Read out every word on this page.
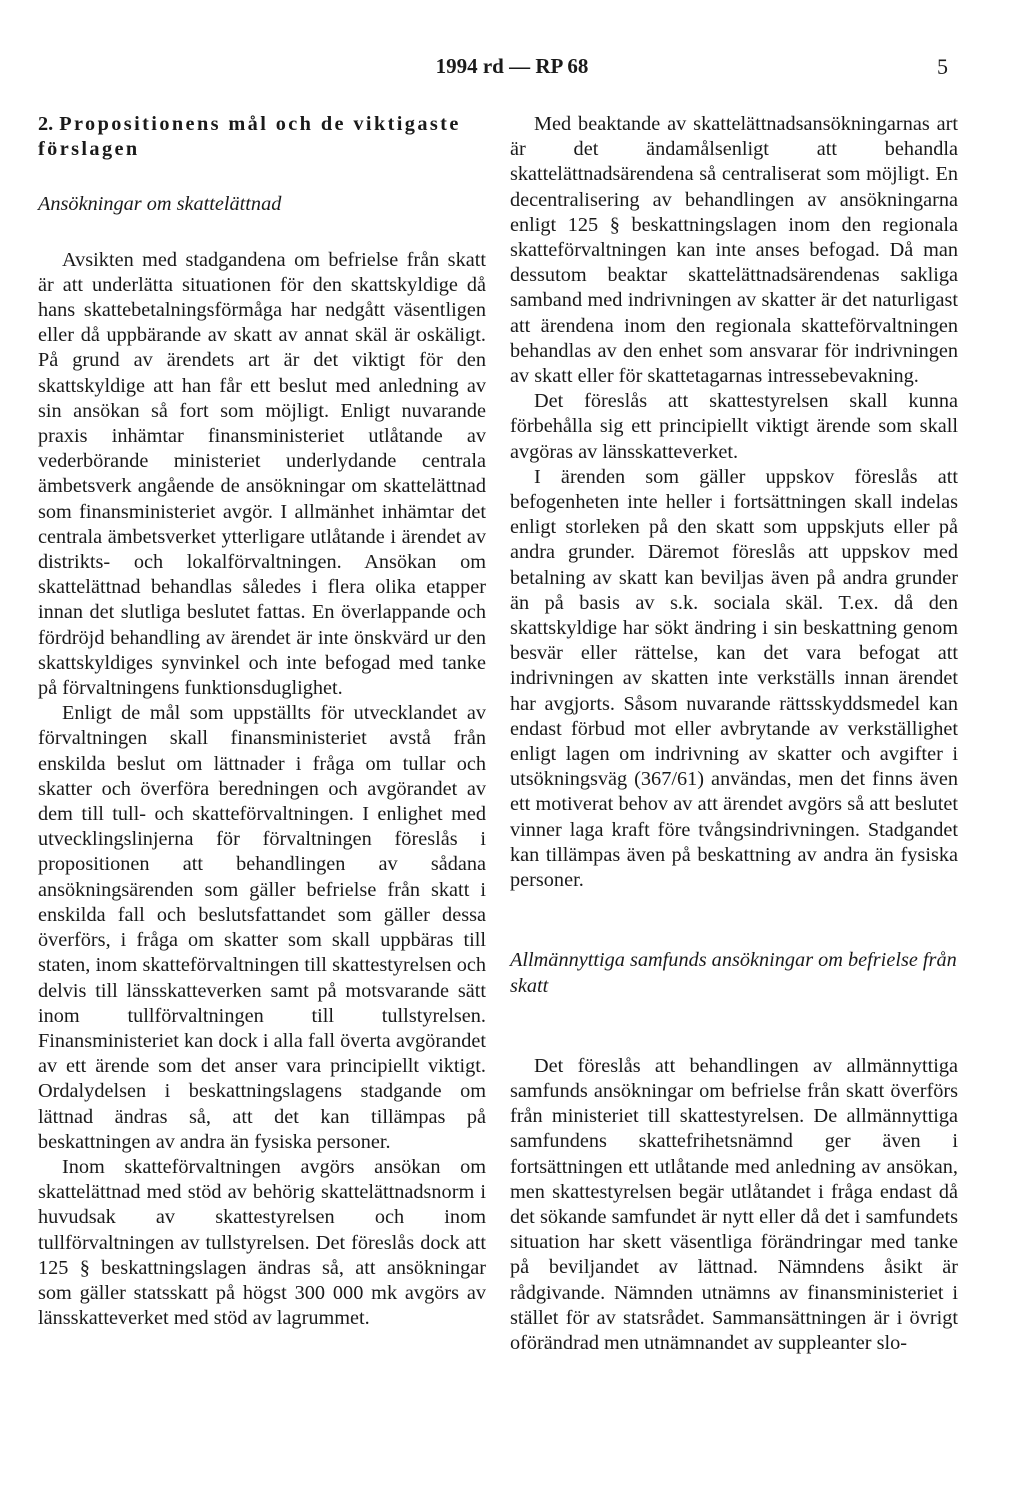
1994 rd — RP 68	5
2. Propositionens mål och de viktigaste förslagen
Ansökningar om skattelättnad

Avsikten med stadgandena om befrielse från skatt är att underlätta situationen för den skattskyldige då hans skattebetalningsförmåga har nedgått väsentligen eller då uppbärande av skatt av annat skäl är oskäligt. På grund av ärendets art är det viktigt för den skattskyldige att han får ett beslut med anledning av sin ansökan så fort som möjligt. Enligt nuvarande praxis inhämtar finansministeriet utlåtande av vederbörande ministeriet underlydande centrala ämbetsverk angående de ansökningar om skattelättnad som finansministeriet avgör. I allmänhet inhämtar det centrala ämbetsverket ytterligare utlåtande i ärendet av distrikts- och lokalförvaltningen. Ansökan om skattelättnad behandlas således i flera olika etapper innan det slutliga beslutet fattas. En överlappande och fördröjd behandling av ärendet är inte önskvärd ur den skattskyldiges synvinkel och inte befogad med tanke på förvaltningens funktionsduglighet.

Enligt de mål som uppställts för utvecklandet av förvaltningen skall finansministeriet avstå från enskilda beslut om lättnader i fråga om tullar och skatter och överföra beredningen och avgörandet av dem till tull- och skatteförvaltningen. I enlighet med utvecklingslinjerna för förvaltningen föreslås i propositionen att behandlingen av sådana ansökningsärenden som gäller befrielse från skatt i enskilda fall och beslutsfattandet som gäller dessa överförs, i fråga om skatter som skall uppbäras till staten, inom skatteförvaltningen till skattestyrelsen och delvis till länsskatteverken samt på motsvarande sätt inom tullförvaltningen till tullstyrelsen. Finansministeriet kan dock i alla fall överta avgörandet av ett ärende som det anser vara principiellt viktigt. Ordalydelsen i beskattningslagens stadgande om lättnad ändras så, att det kan tillämpas på beskattningen av andra än fysiska personer.

Inom skatteförvaltningen avgörs ansökan om skattelättnad med stöd av behörig skattelättnadsnorm i huvudsak av skattestyrelsen och inom tullförvaltningen av tullstyrelsen. Det föreslås dock att 125 § beskattningslagen ändras så, att ansökningar som gäller statsskatt på högst 300 000 mk avgörs av länsskatteverket med stöd av lagrummet.

Med beaktande av skattelättnadsansökningarnas art är det ändamålsenligt att behandla skattelättnadsärendena så centraliserat som möjligt. En decentralisering av behandlingen av ansökningarna enligt 125 § beskattningslagen inom den regionala skatteförvaltningen kan inte anses befogad. Då man dessutom beaktar skattelättnadsärendenas sakliga samband med indrivningen av skatter är det naturligast att ärendena inom den regionala skatteförvaltningen behandlas av den enhet som ansvarar för indrivningen av skatt eller för skattetagarnas intressebevakning.

Det föreslås att skattestyrelsen skall kunna förbehålla sig ett principiellt viktigt ärende som skall avgöras av länsskatteverket.

I ärenden som gäller uppskov föreslås att befogenheten inte heller i fortsättningen skall indelas enligt storleken på den skatt som uppskjuts eller på andra grunder. Däremot föreslås att uppskov med betalning av skatt kan beviljas även på andra grunder än på basis av s.k. sociala skäl. T.ex. då den skattskyldige har sökt ändring i sin beskattning genom besvär eller rättelse, kan det vara befogat att indrivningen av skatten inte verkställs innan ärendet har avgjorts. Såsom nuvarande rättsskyddsmedel kan endast förbud mot eller avbrytande av verkställighet enligt lagen om indrivning av skatter och avgifter i utsökningsväg (367/61) användas, men det finns även ett motiverat behov av att ärendet avgörs så att beslutet vinner laga kraft före tvångsindrivningen. Stadgandet kan tillämpas även på beskattning av andra än fysiska personer.

Allmännyttiga samfunds ansökningar om befrielse från skatt

Det föreslås att behandlingen av allmännyttiga samfunds ansökningar om befrielse från skatt överförs från ministeriet till skattestyrelsen. De allmännyttiga samfundens skattefrihetsnämnd ger även i fortsättningen ett utlåtande med anledning av ansökan, men skattestyrelsen begär utlåtandet i fråga endast då det sökande samfundet är nytt eller då det i samfundets situation har skett väsentliga förändringar med tanke på beviljandet av lättnad. Nämndens åsikt är rådgivande. Nämnden utnämns av finansministeriet i stället för av statsrådet. Sammansättningen är i övrigt oförändrad men utnämnandet av suppleanter slo-
